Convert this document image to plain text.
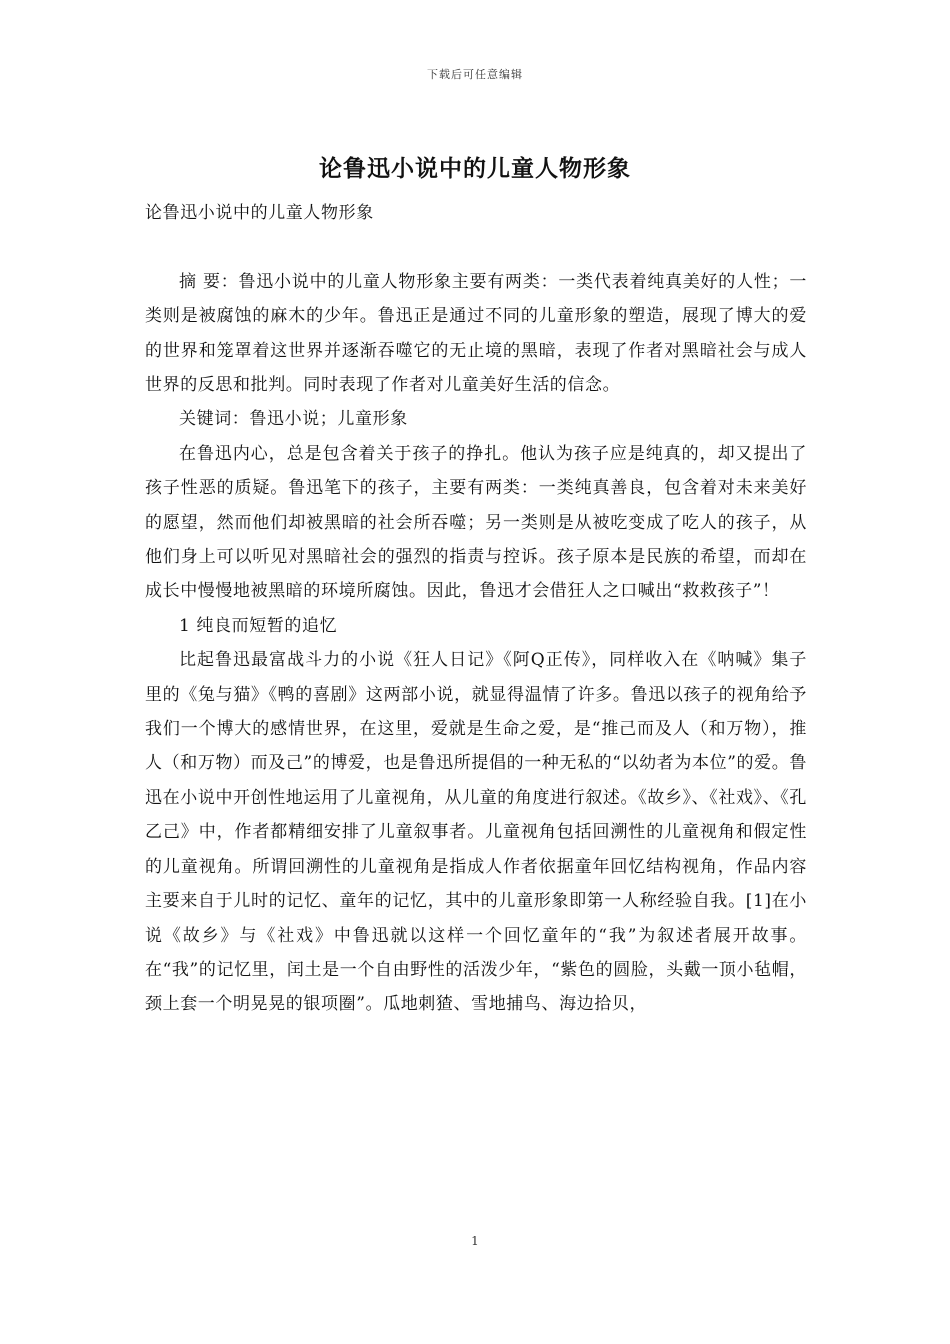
下载后可任意编辑
论鲁迅小说中的儿童人物形象

论鲁迅小说中的儿童人物形象

摘 要：鲁迅小说中的儿童人物形象主要有两类：一类代表着纯真美好的人性；一类则是被腐蚀的麻木的少年。鲁迅正是通过不同的儿童形象的塑造，展现了博大的爱的世界和笼罩着这世界并逐渐吞噬它的无止境的黑暗，表现了作者对黑暗社会与成人世界的反思和批判。同时表现了作者对儿童美好生活的信念。

关键词：鲁迅小说；儿童形象

在鲁迅内心，总是包含着关于孩子的挣扎。他认为孩子应是纯真的，却又提出了孩子性恶的质疑。鲁迅笔下的孩子，主要有两类：一类纯真善良，包含着对未来美好的愿望，然而他们却被黑暗的社会所吞噬；另一类则是从被吃变成了吃人的孩子，从他们身上可以听见对黑暗社会的强烈的指责与控诉。孩子原本是民族的希望，而却在成长中慢慢地被黑暗的环境所腐蚀。因此，鲁迅才会借狂人之口喊出“救救孩子”！

1 纯良而短暂的追忆

比起鲁迅最富战斗力的小说《狂人日记》《阿Q正传》，同样收入在《呐喊》集子里的《兔与猫》《鸭的喜剧》这两部小说，就显得温情了许多。鲁迅以孩子的视角给予我们一个博大的感情世界，在这里，爱就是生命之爱，是“推己而及人（和万物），推人（和万物）而及己”的博爱，也是鲁迅所提倡的一种无私的“以幼者为本位”的爱。鲁迅在小说中开创性地运用了儿童视角，从儿童的角度进行叙述。《故乡》、《社戏》、《孔乙己》中，作者都精细安排了儿童叙事者。儿童视角包括回溯性的儿童视角和假定性的儿童视角。所谓回溯性的儿童视角是指成人作者依据童年回忆结构视角，作品内容主要来自于儿时的记忆、童年的记忆，其中的儿童形象即第一人称经验自我。[1]在小说《故乡》与《社戏》中鲁迅就以这样一个回忆童年的“我”为叙述者展开故事。在“我”的记忆里，闰土是一个自由野性的活泼少年，“紫色的圆脸，头戴一顶小毡帽，颈上套一个明晃晃的银项圈”。瓜地刺猹、雪地捕鸟、海边拾贝，

1
